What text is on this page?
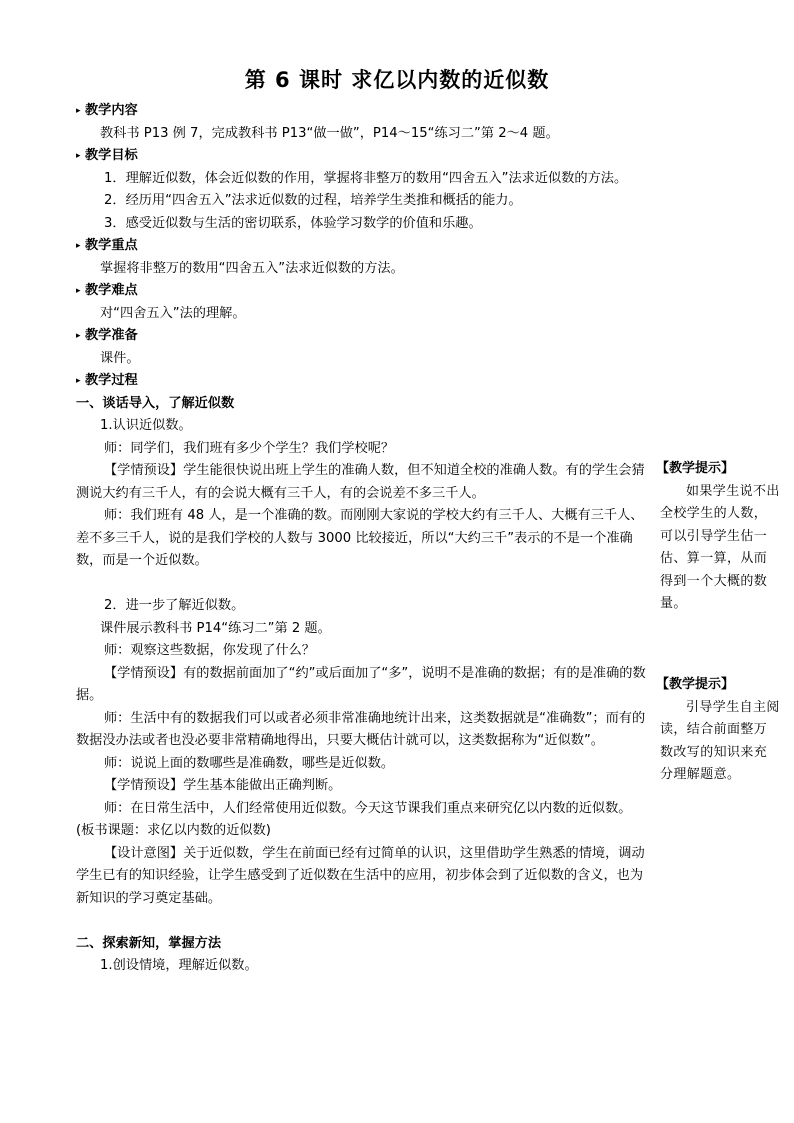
第 6 课时 求亿以内数的近似数

▸ 教学内容

教科书 P13 例 7，完成教科书 P13“做一做”，P14～15“练习二”第 2～4 题。

▸ 教学目标

1．理解近似数，体会近似数的作用，掌握将非整万的数用“四舍五入”法求近似数的方法。

2．经历用“四舍五入”法求近似数的过程，培养学生类推和概括的能力。

3．感受近似数与生活的密切联系，体验学习数学的价值和乐趣。

▸ 教学重点

掌握将非整万的数用“四舍五入”法求近似数的方法。

▸ 教学难点

对“四舍五入”法的理解。

▸ 教学准备

课件。

▸ 教学过程

一、谈话导入，了解近似数

1.认识近似数。

师：同学们，我们班有多少个学生？我们学校呢？

【学情预设】学生能很快说出班上学生的准确人数，但不知道全校的准确人数。有的学生会猜测说大约有三千人，有的会说大概有三千人，有的会说差不多三千人。

师：我们班有 48 人，是一个准确的数。而刚刚大家说的学校大约有三千人、大概有三千人、差不多三千人，说的是我们学校的人数与 3000 比较接近，所以“大约三千”表示的不是一个准确数，而是一个近似数。

2．进一步了解近似数。

课件展示教科书 P14“练习二”第 2 题。

师：观察这些数据，你发现了什么？

【学情预设】有的数据前面加了“约”或后面加了“多”，说明不是准确的数据；有的是准确的数据。

师：生活中有的数据我们可以或者必须非常准确地统计出来，这类数据就是“准确数”；而有的数据没办法或者也没必要非常精确地得出，只要大概估计就可以，这类数据称为“近似数”。

师：说说上面的数哪些是准确数，哪些是近似数。

【学情预设】学生基本能做出正确判断。

师：在日常生活中，人们经常使用近似数。今天这节课我们重点来研究亿以内数的近似数。(板书课题：求亿以内数的近似数)

【设计意图】关于近似数，学生在前面已经有过简单的认识，这里借助学生熟悉的情境，调动学生已有的知识经验，让学生感受到了近似数在生活中的应用，初步体会到了近似数的含义，也为新知识的学习奠定基础。

二、探索新知，掌握方法

1.创设情境，理解近似数。

【教学提示】
如果学生说不出全校学生的人数，可以引导学生估一估、算一算，从而得到一个大概的数量。
【教学提示】
引导学生自主阅读，结合前面整万数改写的知识来充分理解题意。
